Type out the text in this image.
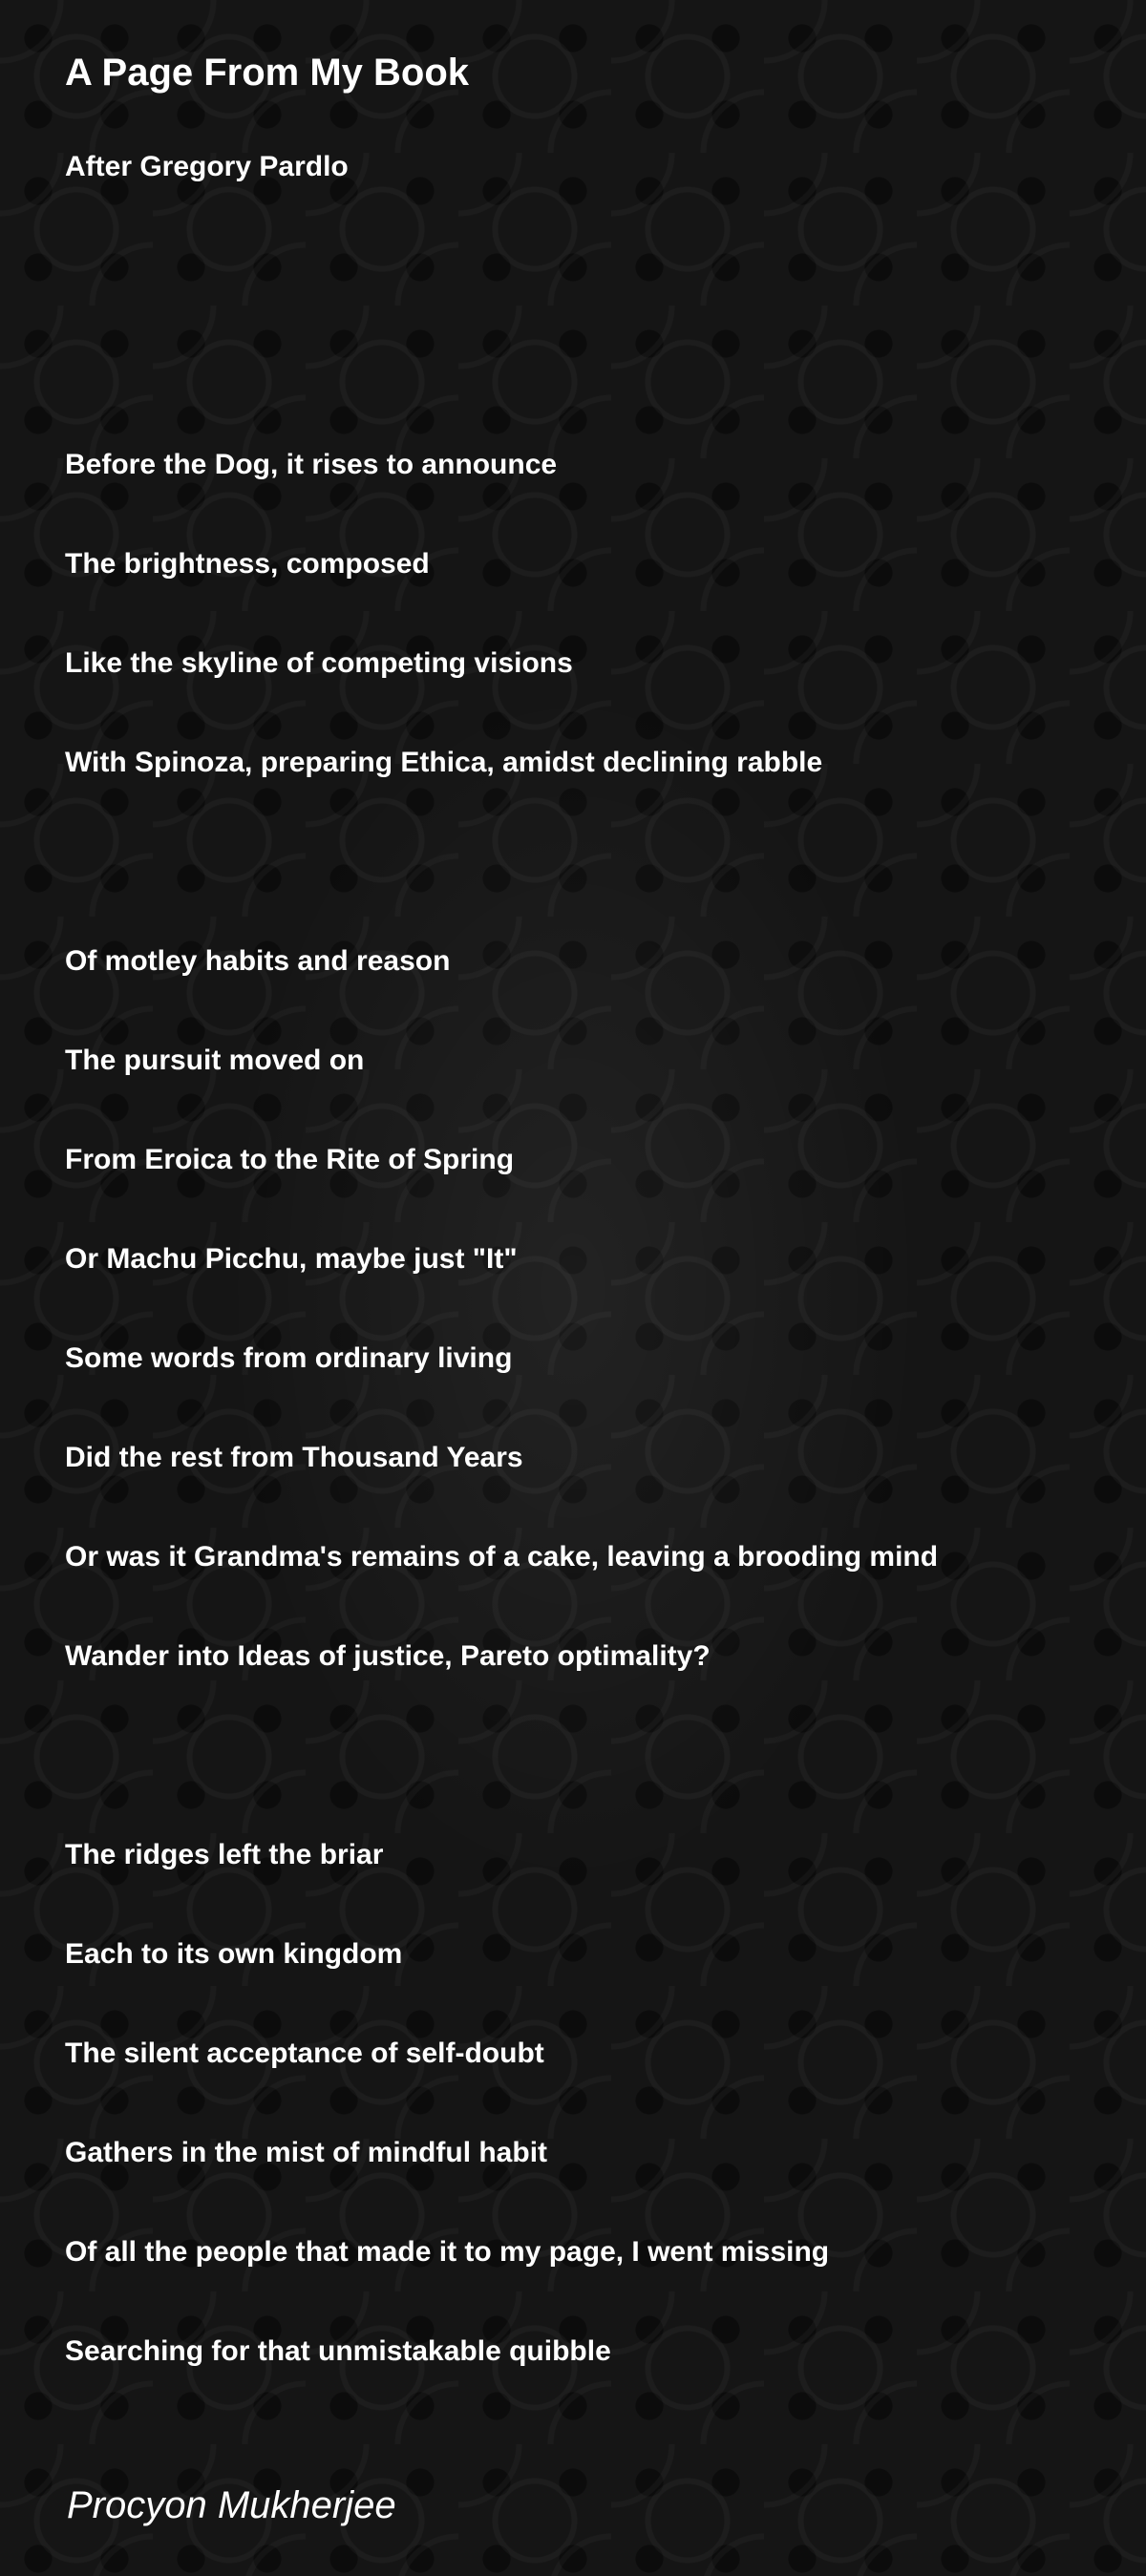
A Page From My Book

After Gregory Pardlo

Before the Dog, it rises to announce

The brightness, composed

Like the skyline of competing visions

With Spinoza, preparing Ethica, amidst declining rabble

Of motley habits and reason

The pursuit moved on

From Eroica to the Rite of Spring

Or Machu Picchu, maybe just "It"

Some words from ordinary living

Did the rest from Thousand Years

Or was it Grandma's remains of a cake, leaving a brooding mind

Wander into Ideas of justice, Pareto optimality?

The ridges left the briar

Each to its own kingdom

The silent acceptance of self-doubt

Gathers in the mist of mindful habit

Of all the people that made it to my page, I went missing

Searching for that unmistakable quibble

Procyon Mukherjee
